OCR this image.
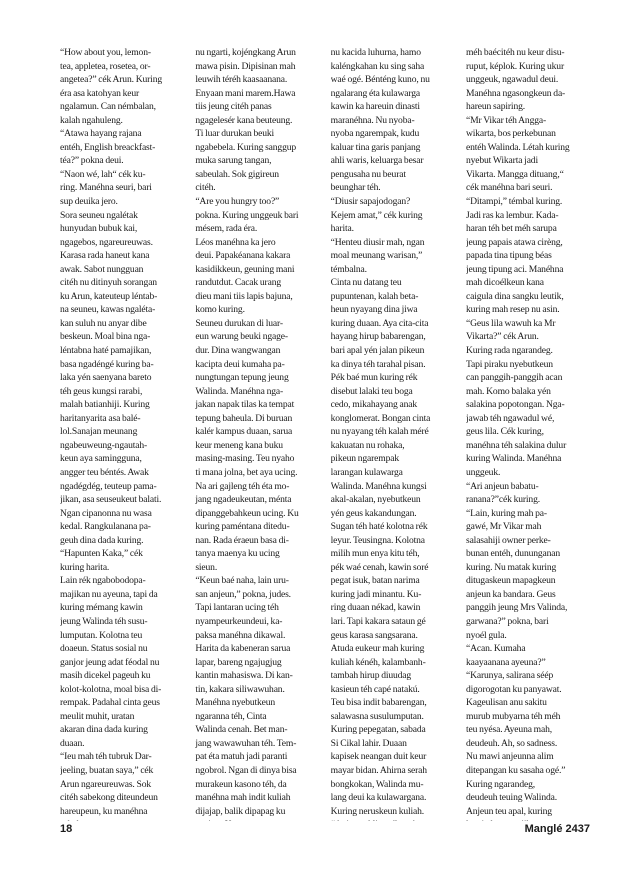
“How about you, lemon-
tea, appletea, rosetea, or-
angetea?” cék Arun. Kuring
éra asa katohyan keur
ngalamun. Can némbalan,
kalah ngahuleng.
“Atawa hayang rajana
entéh, English breackfast-
téa?” pokna deui.
“Naon wé, lah“ cék ku-
ring. Manéhna seuri, bari
sup deuika jero.
Sora seuneu ngalétak
hunyudan bubuk kai,
ngagebos, ngareureuwas.
Karasa rada haneut kana
awak. Sabot nungguan
citéh nu ditinyuh sorangan
ku Arun, kateuteup léntab-
na seuneu, kawas ngaléta-
kan suluh nu anyar dibe
beskeun. Moal bina nga-
léntabna haté pamajikan,
basa ngadéngé kuring ba-
laka yén saenyana bareto
téh geus kungsi rarabi,
malah batianhiji. Kuring
haritanyarita asa balé-
lol.Sanajan meunang
ngabeuweung-ngautah-
keun aya saminggunа,
angger teu béntés. Awak
ngadégdég, teuteup pama-
jikan, asa seuseukeut balati.
Ngan cipanonna nu wasa
kedal. Rangkulanana pa-
geuh dina dada kuring.
“Hapunten Kaka,” cék
kuring harita.
Lain rék ngabobodopa-
majikan nu ayeuna, tapi da
kuring mémang kawin
jeung Walinda téh susu-
lumputan. Kolotna teu
doaeun. Status sosial nu
ganjor jeung adat féodal nu
masih dicekel pageuh ku
kolot-kolotna, moal bisa di-
rempak. Padahal cinta geus
meulit muhit, uratan
akaran dina dada kuring
duaan.
“Ieu mah téh tubruk Dar-
jeeling, buatan saya,” cék
Arun ngareureuwas. Sok
citéh sabekong diteundeun
hareupeun, ku manéhna
nu ngarti, kojéngkang Arun
mawa pisin. Dipisinan mah
leuwih téréh kaasaanana.
Enyaan mani marem.Hawa
tiis jeung citéh panas
ngagelesér kana beuteung.
Ti luar durukan beuki
ngabebela. Kuring sanggup
muka sarung tangan,
sabeulah. Sok gigireun
citéh.
“Are you hungry too?”
pokna. Kuring unggeuk bari
mésem, rada éra.
Léos manéhna ka jero
deui. Papakéanana kakara
kasidikkeun, geuning mani
randutdut. Cacak urang
dieu mani tiis lapis bajuna,
komo kuring.
Seuneu durukan di luar-
eun warung beuki ngage-
dur. Dina wangwangan
kacipta deui kumaha pa-
nungtungan tepung jeung
Walinda. Manéhna nga-
jakan napak tilas ka tempat
tepung baheula. Di buruan
kalér kampus duaan, sarua
keur meneng kana buku
masing-masing. Teu nyaho
ti mana jolna, bet aya ucing.
Na ari gajleng téh éta mo-
jang ngadeukeutan, ménta
dipanggebahkeun ucing. Ku
kuring paméntana ditedu-
nan. Rada éraeun basa di-
tanya maenya ku ucing
sieun.
“Keun baé naha, lain uru-
san anjeun,” pokna, judes.
Tapi lantaran ucing téh
nyampeurkeundeui, ka-
paksa manéhna dikawal.
Harita da kabeneran sarua
lapar, bareng ngajugjug
kantin mahasiswa. Di kan-
tin, kakara siliwawuhan.
Manéhna nyebutkeun
ngaranna téh, Cinta
Walinda cenah. Bet man-
jang wawawuhan téh. Tem-
pat éta matuh jadi paranti
ngobrol. Ngan di dinya bisa
murakeun kasono téh, da
manéhna mah indit kuliah
dijajap, balik dipapag ku
nu kacida luhurna, hamo
kaléngkahan ku sing saha
waé ogé. Bénténg kuno, nu
ngalarang éta kulawarga
kawin ka hareuin dinasti
maranéhna. Nu nyoba-
nyoba ngarempak, kudu
kaluar tina garis panjang
ahli waris, keluarga besar
pengusaha nu beurat
beunghar téh.
“Diusir sapajodogan?
Kejem amat,” cék kuring
harita.
“Henteu diusir mah, ngan
moal meunang warisan,”
témbalna.
Cinta nu datang teu
pupuntenan, kalah beta-
heun nyayang dina jiwa
kuring duaan. Aya cita-cita
hayang hirup babarengan,
bari apal yén jalan pikeun
ka dinya téh tarahal pisan.
Pék baé mun kuring rék
disebut lalaki teu boga
cedo, mikahayang anak
konglomerat. Bongan cinta
nu nyayang téh kalah méré
kakuatan nu rohaka,
pikeun ngarempak
larangan kulawarga
Walinda. Manéhna kungsi
akal-akalan, nyebutkeun
yén geus kakandungan.
Sugan téh haté kolotna rék
leyur. Teusingna. Kolotna
milih mun enya kitu téh,
pék waé cenah, kawin soré
pegat isuk, batan narima
kuring jadi minantu. Ku-
ring duaan nékad, kawin
lari. Tapi kakara sataun gé
geus karasa sangsarana.
Atuda eukeur mah kuring
kuliah kénéh, kalambanh-
tambah hirup diuudag
kasieun téh capé natakú.
Teu bisa indit babarengan,
salawasna susulumputan.
Kuring pepegatan, sabada
Si Cikal lahir. Duaan
kapisek neangan duit keur
mayar bidan. Ahirna serah
bongkokan, Walinda mu-
lang deui ka kulawargana.
Kuring neruskeun kuliah.
méh baécitéh nu keur disu-
ruput, képlok. Kuring ukur
unggeuk, ngawadul deui.
Manéhna ngasongkeun da-
hareun sapiring.
“Mr Vikar téh Angga-
wikarta, bos perkebunan
entéh Walinda. Létah kuring
nyebut Wikarta jadi
Vikarta. Mangga dituang,“
cék manéhna bari seuri.
“Ditampi,” témbal kuring.
Jadi ras ka lembur. Kada-
haran téh bet méh sarupa
jeung papais atawa cirèng,
papada tina tipung béas
jeung tipung aci. Manéhna
mah dicoélkeun kana
caigula dina sangku leutik,
kuring mah resep nu asin.
“Geus lila wawuh ka Mr
Vikarta?” cék Arun.
Kuring rada ngarandeg.
Tapi piraku nyebutkeun
can panggih-panggih acan
mah. Komo balaka yén
salakina popotongan. Nga-
jawab téh ngawadul wé,
geus lila. Cék kuring,
manéhna téh salakina dulur
kuring Walinda. Manéhna
unggeuk.
“Ari anjeun babatu-
ranana?”cék kuring.
“Lain, kuring mah pa-
gawé, Mr Vikar mah
salasahiji owner perke-
bunan entéh, dununganan
kuring. Nu matak kuring
ditugaskeun mapagkeun
anjeun ka bandara. Geus
panggih jeung Mrs Valinda,
garwana?” pokna, bari
nyoél gula.
“Acan. Kumaha
kaayaanana ayeuna?”
“Karunya, salirana séép
digorogotan ku panyawat.
Kageulisan anu sakitu
murub mubyarna téh méh
teu nyésa. Ayeuna mah,
deudeuh. Ah, so sadness.
Nu mawi anjeunna alim
ditepangan ku sasaha ogé.”
Kuring ngarandeg,
deudeuh teuing Walinda.
Anjeun teu apal, kuring
18	Manglé 2437
